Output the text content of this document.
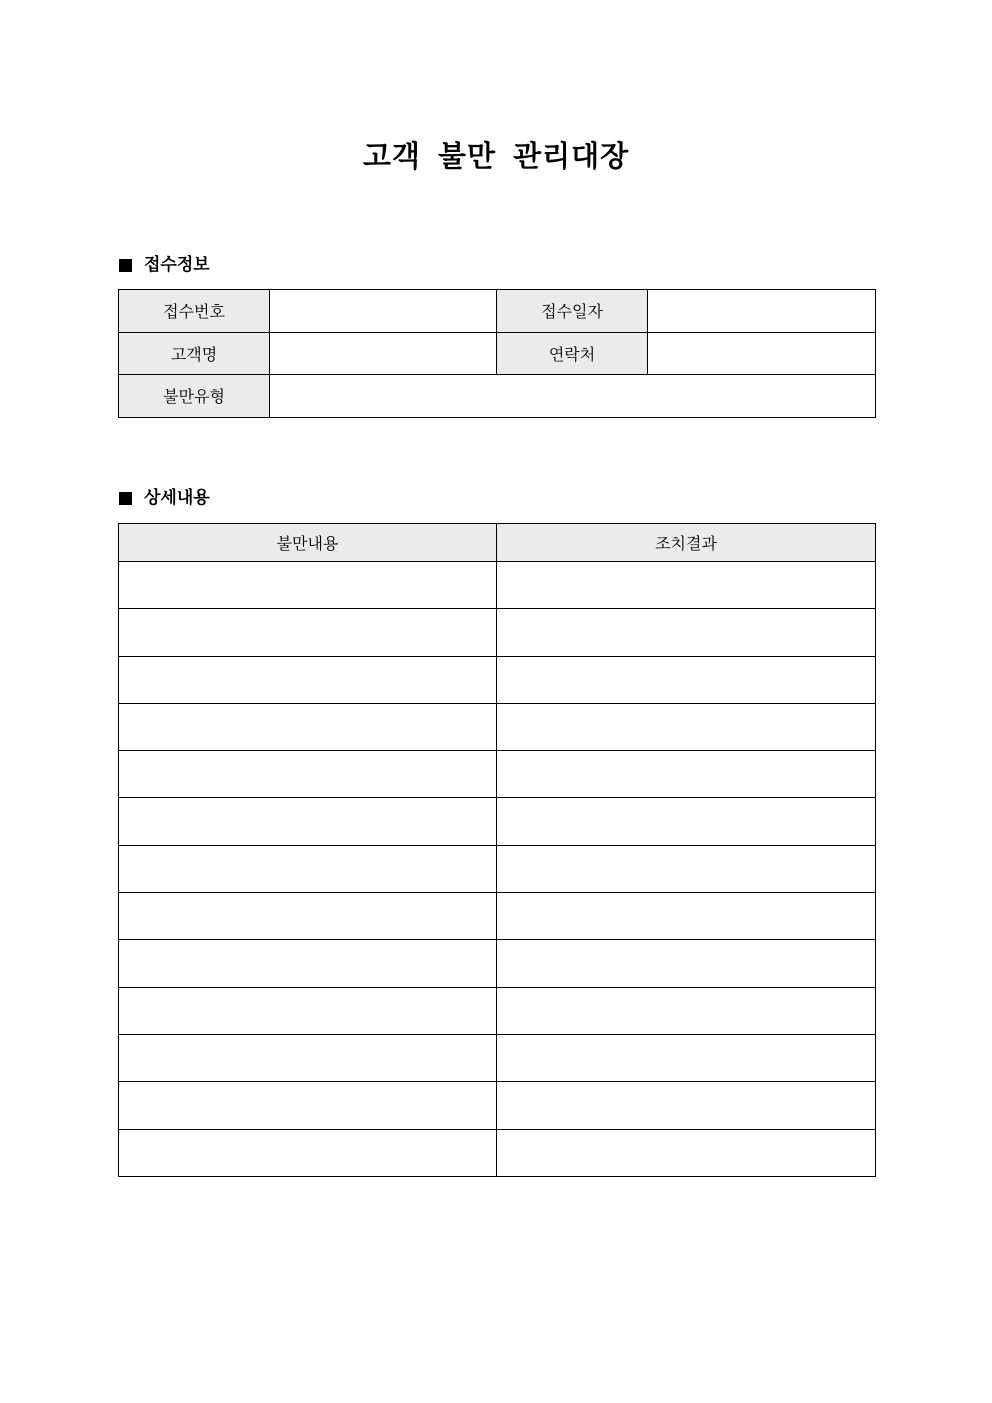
고객 불만 관리대장
접수정보
접수번호		접수일자	
고객명		연락처	
불만유형			
상세내용
불만내용	조치결과
